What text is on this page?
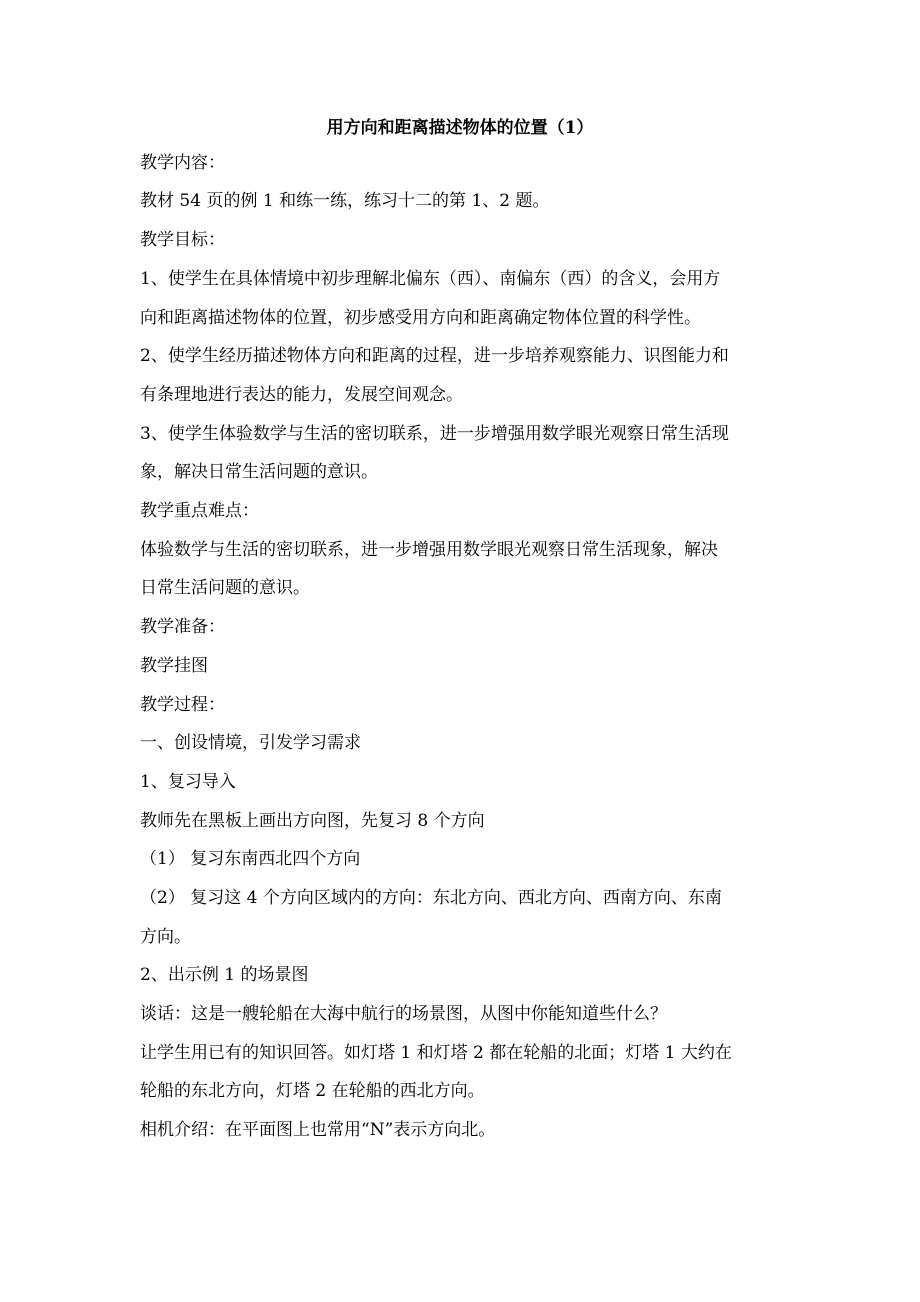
用方向和距离描述物体的位置（1）
教学内容：
教材 54 页的例 1 和练一练，练习十二的第 1、2 题。
教学目标：
1、使学生在具体情境中初步理解北偏东（西）、南偏东（西）的含义，会用方
向和距离描述物体的位置，初步感受用方向和距离确定物体位置的科学性。
2、使学生经历描述物体方向和距离的过程，进一步培养观察能力、识图能力和
有条理地进行表达的能力，发展空间观念。
3、使学生体验数学与生活的密切联系，进一步增强用数学眼光观察日常生活现
象，解决日常生活问题的意识。
教学重点难点：
体验数学与生活的密切联系，进一步增强用数学眼光观察日常生活现象，解决
日常生活问题的意识。
教学准备：
教学挂图
教学过程：
一、创设情境，引发学习需求
1、复习导入
教师先在黑板上画出方向图，先复习 8 个方向
（1） 复习东南西北四个方向
（2） 复习这 4 个方向区域内的方向：东北方向、西北方向、西南方向、东南
方向。
2、出示例 1 的场景图
谈话：这是一艘轮船在大海中航行的场景图，从图中你能知道些什么？
让学生用已有的知识回答。如灯塔 1 和灯塔 2 都在轮船的北面；灯塔 1 大约在
轮船的东北方向，灯塔 2 在轮船的西北方向。
相机介绍：在平面图上也常用“N”表示方向北。
